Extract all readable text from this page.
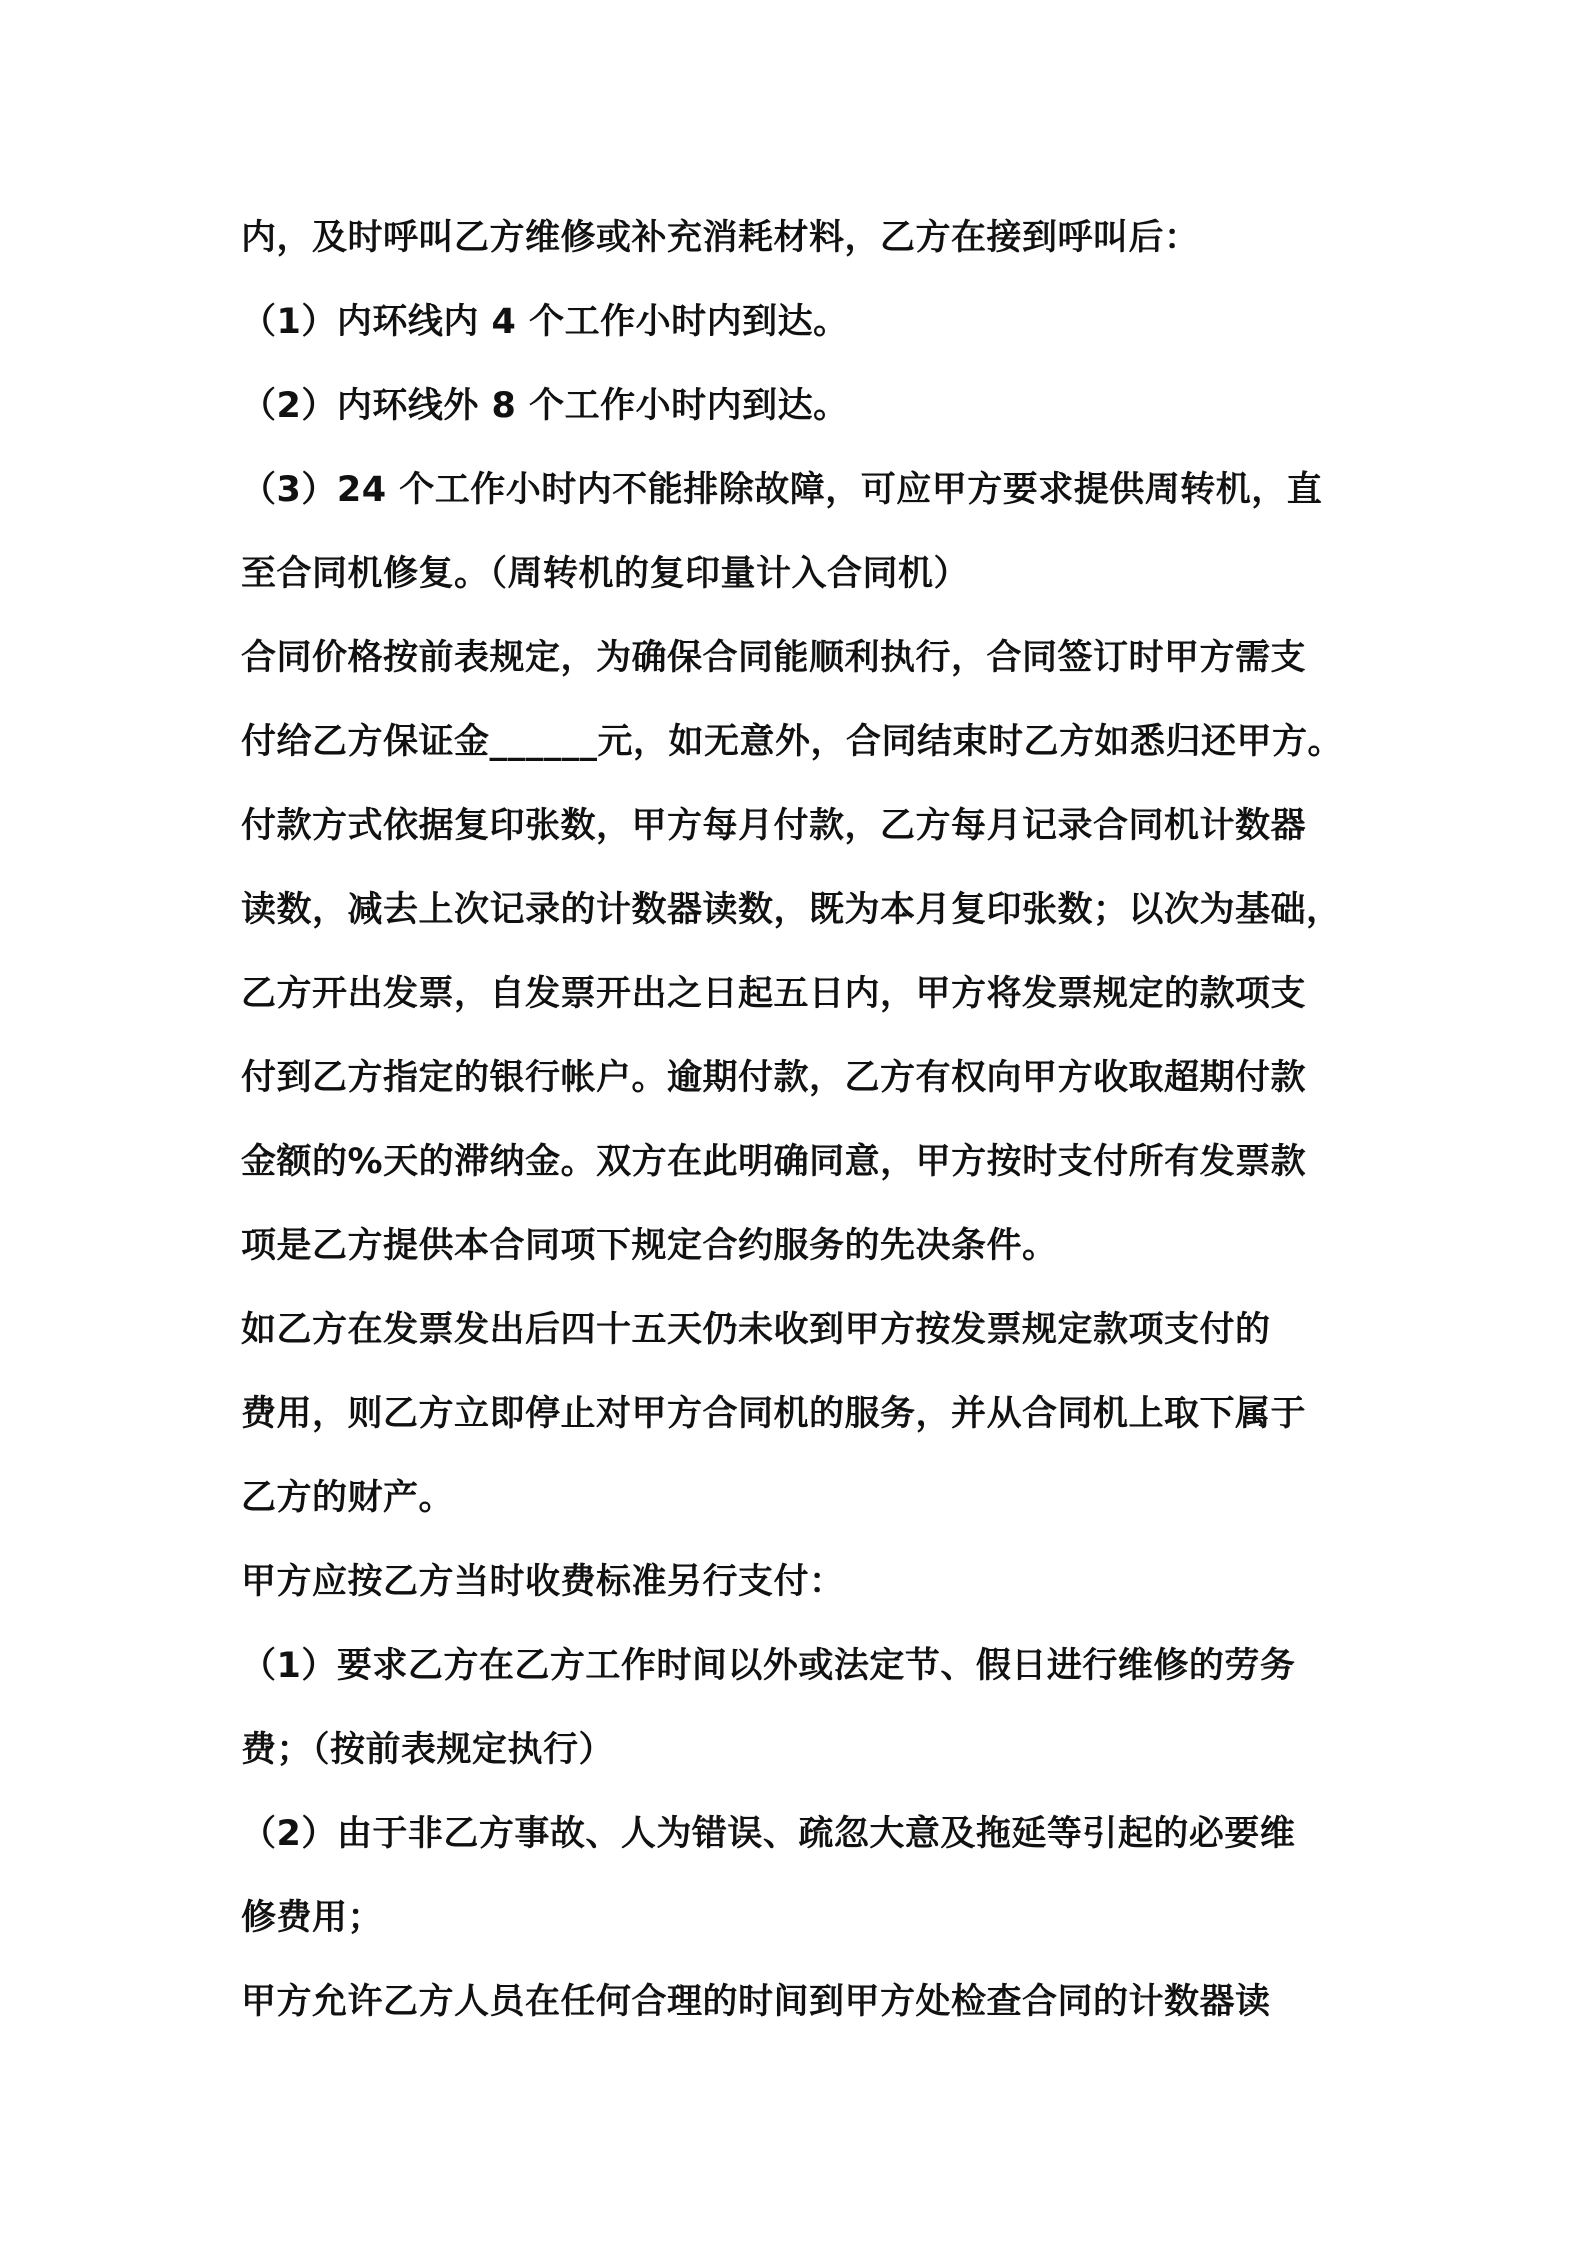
内，及时呼叫乙方维修或补充消耗材料，乙方在接到呼叫后：

（1）内环线内 4 个工作小时内到达。

（2）内环线外 8 个工作小时内到达。

（3）24 个工作小时内不能排除故障，可应甲方要求提供周转机，直

至合同机修复。（周转机的复印量计入合同机）

合同价格按前表规定，为确保合同能顺利执行，合同签订时甲方需支

付给乙方保证金______元，如无意外，合同结束时乙方如悉归还甲方。

付款方式依据复印张数，甲方每月付款，乙方每月记录合同机计数器

读数，减去上次记录的计数器读数，既为本月复印张数；以次为基础，

乙方开出发票，自发票开出之日起五日内，甲方将发票规定的款项支

付到乙方指定的银行帐户。逾期付款，乙方有权向甲方收取超期付款

金额的%天的滞纳金。双方在此明确同意，甲方按时支付所有发票款

项是乙方提供本合同项下规定合约服务的先决条件。

如乙方在发票发出后四十五天仍未收到甲方按发票规定款项支付的

费用，则乙方立即停止对甲方合同机的服务，并从合同机上取下属于

乙方的财产。

甲方应按乙方当时收费标准另行支付：

（1）要求乙方在乙方工作时间以外或法定节、假日进行维修的劳务

费；（按前表规定执行）

（2）由于非乙方事故、人为错误、疏忽大意及拖延等引起的必要维

修费用；

甲方允许乙方人员在任何合理的时间到甲方处检查合同的计数器读
